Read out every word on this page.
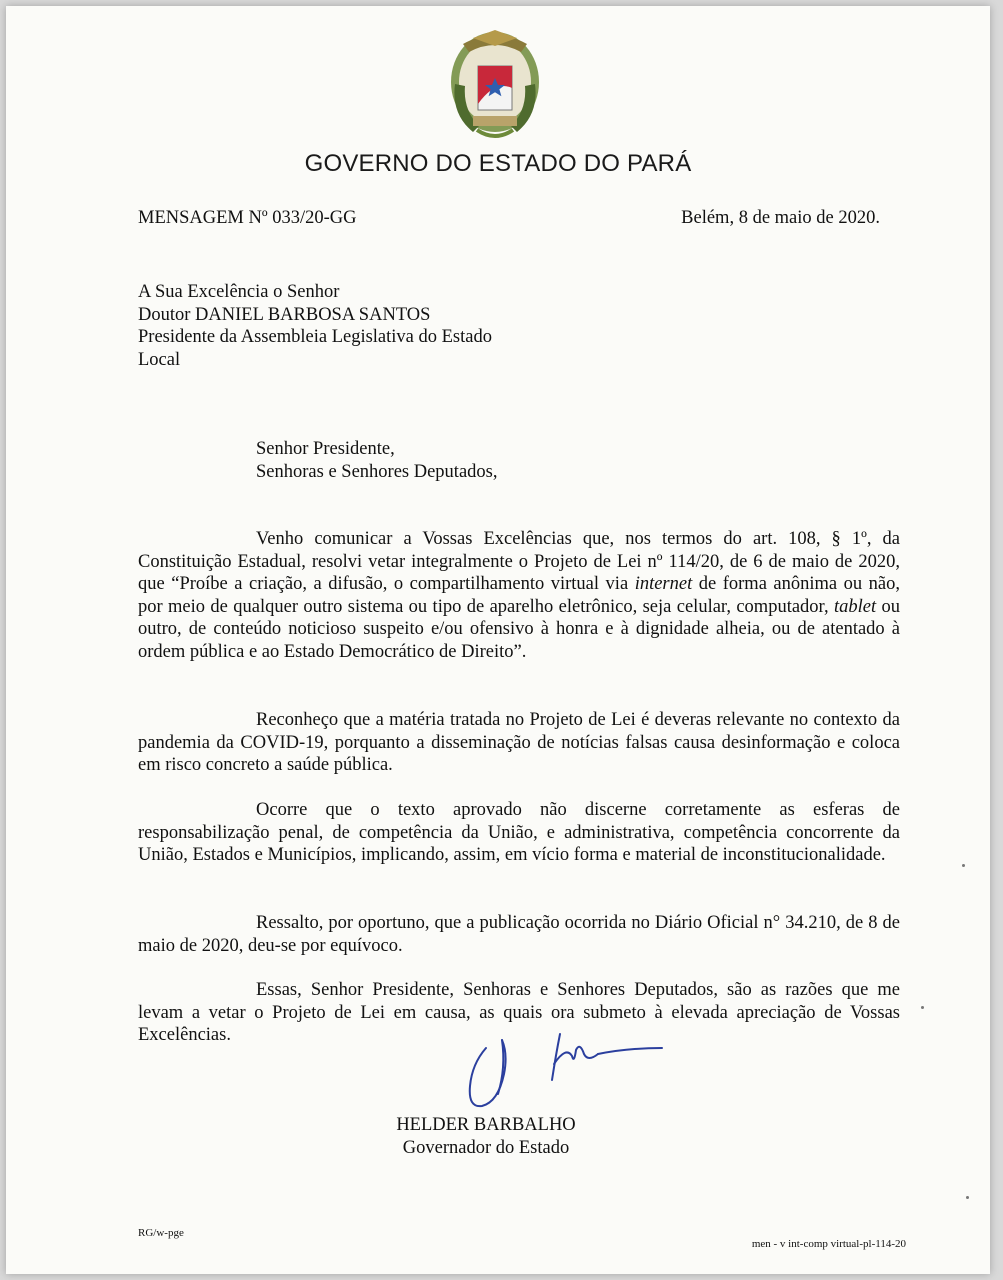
GOVERNO DO ESTADO DO PARÁ
MENSAGEM Nº 033/20-GG	Belém, 8 de maio de 2020.
A Sua Excelência o Senhor
Doutor DANIEL BARBOSA SANTOS
Presidente da Assembleia Legislativa do Estado
Local
Senhor Presidente,
Senhoras e Senhores Deputados,

Venho comunicar a Vossas Excelências que, nos termos do art. 108, § 1º, da Constituição Estadual, resolvi vetar integralmente o Projeto de Lei nº 114/20, de 6 de maio de 2020, que “Proíbe a criação, a difusão, o compartilhamento virtual via internet de forma anônima ou não, por meio de qualquer outro sistema ou tipo de aparelho eletrônico, seja celular, computador, tablet ou outro, de conteúdo noticioso suspeito e/ou ofensivo à honra e à dignidade alheia, ou de atentado à ordem pública e ao Estado Democrático de Direito”.

Reconheço que a matéria tratada no Projeto de Lei é deveras relevante no contexto da pandemia da COVID-19, porquanto a disseminação de notícias falsas causa desinformação e coloca em risco concreto a saúde pública.

Ocorre que o texto aprovado não discerne corretamente as esferas de responsabilização penal, de competência da União, e administrativa, competência concorrente da União, Estados e Municípios, implicando, assim, em vício forma e material de inconstitucionalidade.

Ressalto, por oportuno, que a publicação ocorrida no Diário Oficial n° 34.210, de 8 de maio de 2020, deu-se por equívoco.

Essas, Senhor Presidente, Senhoras e Senhores Deputados, são as razões que me levam a vetar o Projeto de Lei em causa, as quais ora submeto à elevada apreciação de Vossas Excelências.

HELDER BARBALHO
Governador do Estado
RG/w-pge
men - v int-comp virtual-pl-114-20
